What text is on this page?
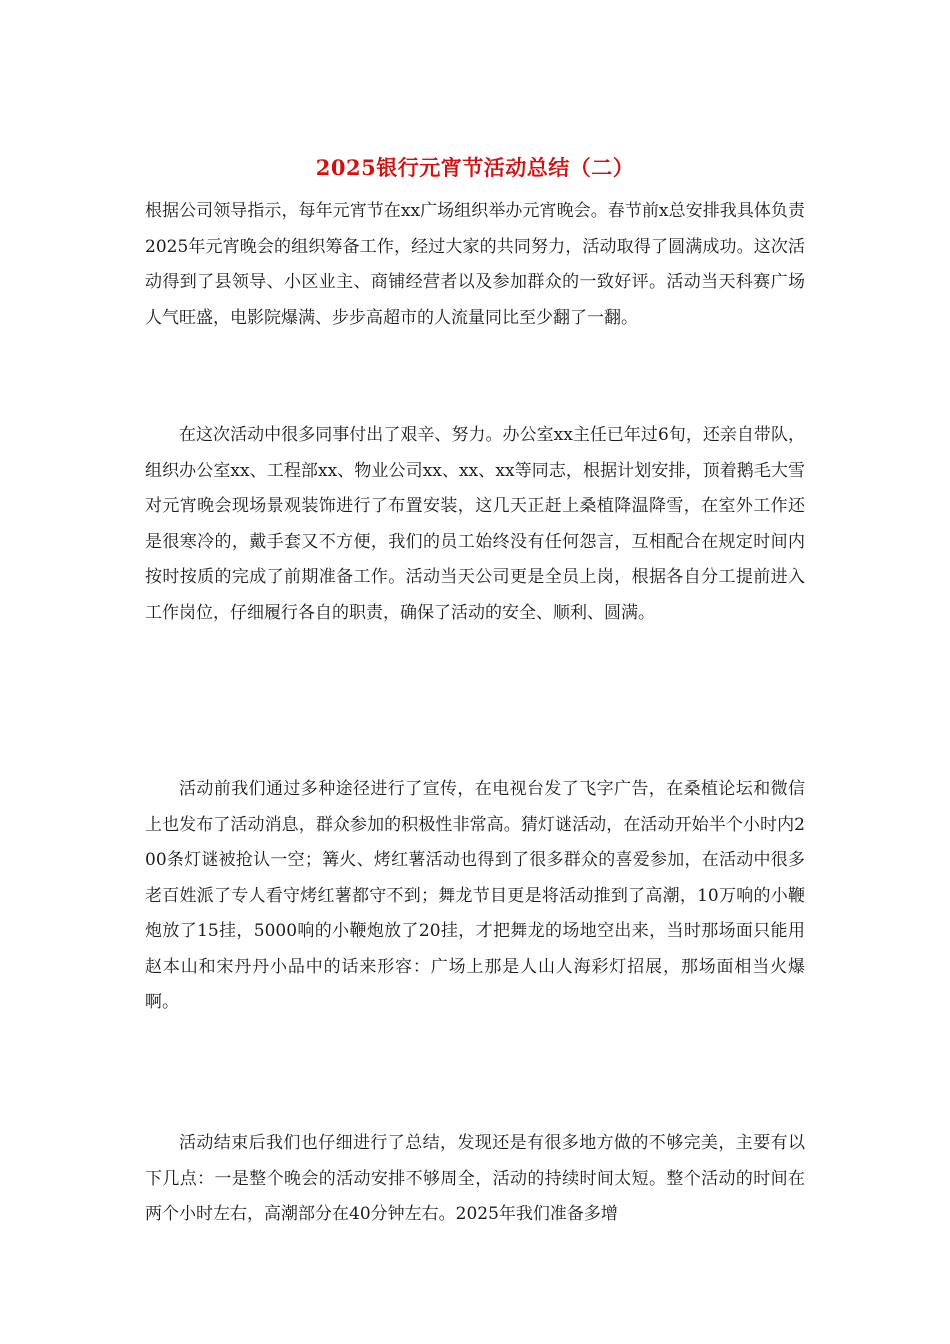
2025银行元宵节活动总结（二）

根据公司领导指示，每年元宵节在xx广场组织举办元宵晚会。春节前x总安排我具体负责2025年元宵晚会的组织筹备工作，经过大家的共同努力，活动取得了圆满成功。这次活动得到了县领导、小区业主、商铺经营者以及参加群众的一致好评。活动当天科赛广场人气旺盛，电影院爆满、步步高超市的人流量同比至少翻了一翻。

在这次活动中很多同事付出了艰辛、努力。办公室xx主任已年过6旬，还亲自带队，组织办公室xx、工程部xx、物业公司xx、xx、xx等同志，根据计划安排，顶着鹅毛大雪对元宵晚会现场景观装饰进行了布置安装，这几天正赶上桑植降温降雪，在室外工作还是很寒冷的，戴手套又不方便，我们的员工始终没有任何怨言，互相配合在规定时间内按时按质的完成了前期准备工作。活动当天公司更是全员上岗，根据各自分工提前进入工作岗位，仔细履行各自的职责，确保了活动的安全、顺利、圆满。

活动前我们通过多种途径进行了宣传，在电视台发了飞字广告，在桑植论坛和微信上也发布了活动消息，群众参加的积极性非常高。猜灯谜活动，在活动开始半个小时内200条灯谜被抢认一空；篝火、烤红薯活动也得到了很多群众的喜爱参加，在活动中很多老百姓派了专人看守烤红薯都守不到；舞龙节目更是将活动推到了高潮，10万响的小鞭炮放了15挂，5000响的小鞭炮放了20挂，才把舞龙的场地空出来，当时那场面只能用赵本山和宋丹丹小品中的话来形容：广场上那是人山人海彩灯招展，那场面相当火爆啊。

活动结束后我们也仔细进行了总结，发现还是有很多地方做的不够完美，主要有以下几点：一是整个晚会的活动安排不够周全，活动的持续时间太短。整个活动的时间在两个小时左右，高潮部分在40分钟左右。2025年我们准备多增
